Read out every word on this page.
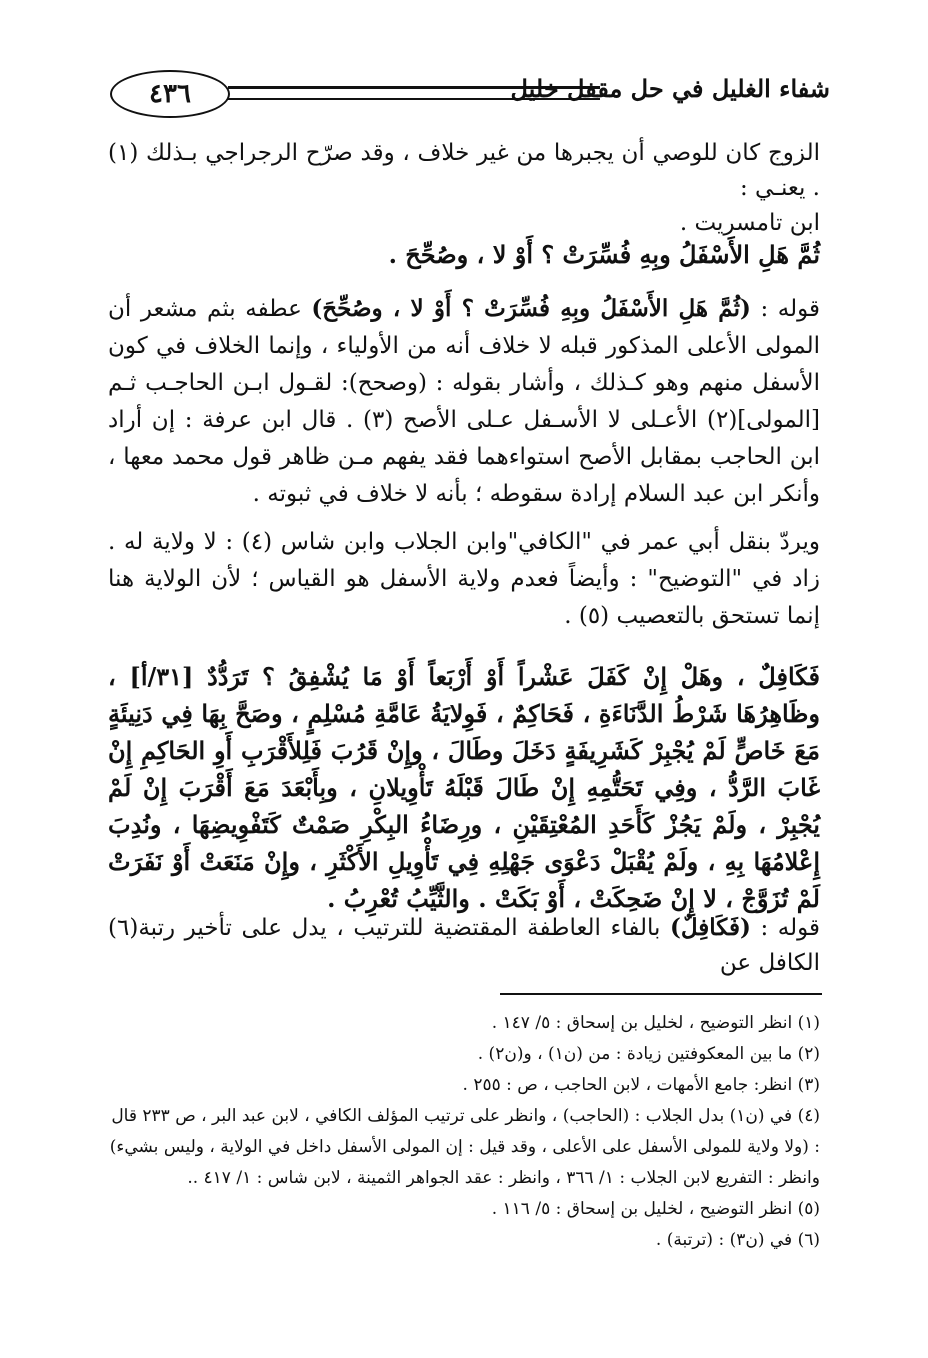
٤٣٦	شفاء الغليل في حل مقفل خليل

الزوج كان للوصي أن يجبرها من غير خلاف ، وقد صرّح الرجراجي بـذلك (١) . يعنـي :

ابن تامسريت .

ثُمَّ هَلِ الأَسْفَلُ وبِهِ فُسِّرَتْ ؟ أَوْ لا ، وصُحِّحَ .

قوله : (ثُمَّ هَلِ الأَسْفَلُ وبِهِ فُسِّرَتْ ؟ أَوْ لا ، وصُحِّحَ) عطفه بثم مشعر أن المولى الأعلى المذكور قبله لا خلاف أنه من الأولياء ، وإنما الخلاف في كون الأسفل منهم وهو كـذلك ، وأشار بقوله : (وصحح): لقـول ابـن الحاجـب ثـم [المولى](٢) الأعـلى لا الأسـفل عـلى الأصح (٣) . قال ابن عرفة : إن أراد ابن الحاجب بمقابل الأصح استواءهما فقد يفهم مـن ظاهر قول محمد معها ، وأنكر ابن عبد السلام إرادة سقوطه ؛ بأنه لا خلاف في ثبوته .

ويردّ بنقل أبي عمر في "الكافي"وابن الجلاب وابن شاس (٤) : لا ولاية له . زاد في "التوضيح" : وأيضاً فعدم ولاية الأسفل هو القياس ؛ لأن الولاية هنا إنما تستحق بالتعصيب (٥) .

فَكَافِلٌ ، وهَلْ إِنْ كَفَلَ عَشْراً أَوْ أَرْبَعاً أَوْ مَا يُشْفِقُ ؟ تَرَدُّدٌ [٣١/أ] ، وظَاهِرُهَا شَرْطُ الدَّنَاءَةِ ، فَحَاكِمٌ ، فَوِلايَةُ عَامَّةِ مُسْلِمٍ ، وصَحَّ بِهَا فِي دَنِيئَةٍ مَعَ خَاصٍّ لَمْ يُجْبِرْ كَشَرِيفَةٍ دَخَلَ وطَالَ ، وإِنْ قَرُبَ فَلِلأَقْرَبِ أَوِ الحَاكِمِ إِنْ غَابَ الرَّدُّ ، وفِي تَحَتُّمِهِ إِنْ طَالَ قَبْلَهُ تَأْوِيلانِ ، وبِأَبْعَدَ مَعَ أَقْرَبَ إِنْ لَمْ يُجْبِرْ ، ولَمْ يَجُزْ كَأَحَدِ المُعْتِقَيْنِ ، ورِضَاءُ البِكْرِ صَمْتٌ كَتَفْوِيضِهَا ، ونُدِبَ إِعْلامُهَا بِهِ ، ولَمْ يُقْبَلْ دَعْوَى جَهْلِهِ فِي تَأْوِيلِ الأَكْثَرِ ، وإِنْ مَنَعَتْ أَوْ نَفَرَتْ لَمْ تُزَوَّجْ ، لا إِنْ ضَحِكَتْ ، أَوْ بَكَتْ . والثَّيِّبُ تُعْرِبُ .

قوله : (فَكَافِلٌ) بالفاء العاطفة المقتضية للترتيب ، يدل على تأخير رتبة(٦) الكافل عن

(١) انظر التوضيح ، لخليل بن إسحاق : ٥/ ١٤٧ .

(٢) ما بين المعكوفتين زيادة : من (ن١) ، و(ن٢) .

(٣) انظر: جامع الأمهات ، لابن الحاجب ، ص : ٢٥٥ .

(٤) في (ن١) بدل الجلاب : (الحاجب) ، وانظر على ترتيب المؤلف الكافي ، لابن عبد البر ، ص ٢٣٣ قال : (ولا ولاية للمولى الأسفل على الأعلى ، وقد قيل : إن المولى الأسفل داخل في الولاية ، وليس بشيء) وانظر : التفريع لابن الجلاب : ١/ ٣٦٦ ، وانظر : عقد الجواهر الثمينة ، لابن شاس : ١/ ٤١٧ ..

(٥) انظر التوضيح ، لخليل بن إسحاق : ٥/ ١١٦ .

(٦) في (ن٣) : (ترتبة) .
